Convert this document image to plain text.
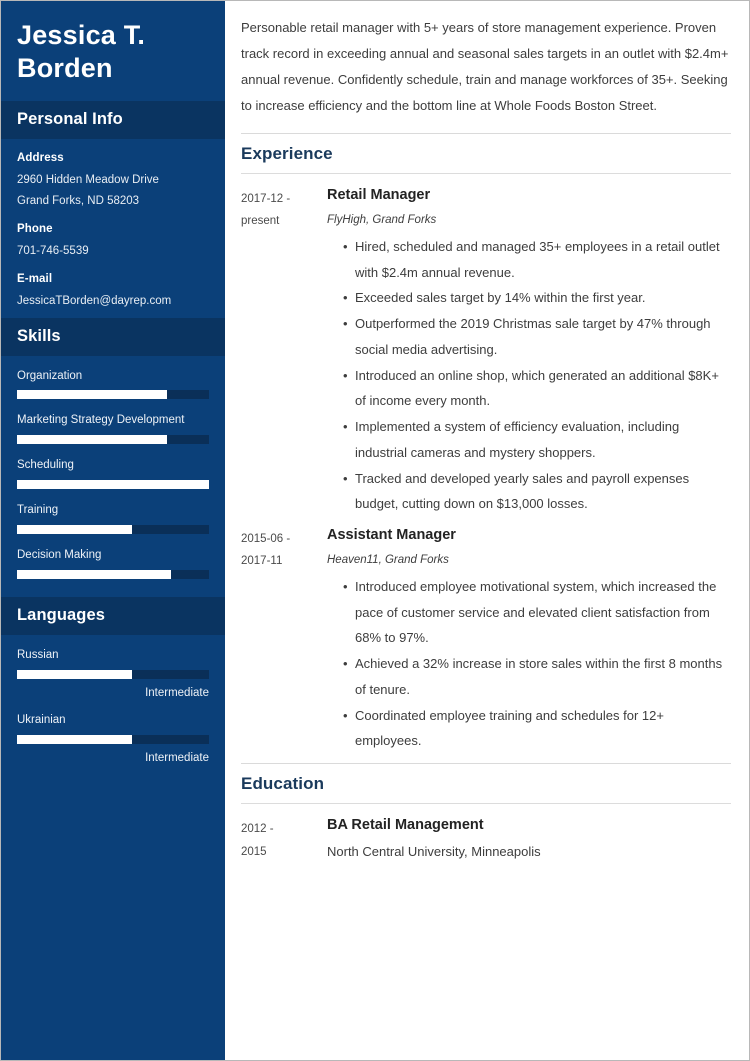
Jessica T.
Borden
Personal Info
Address
2960 Hidden Meadow Drive
Grand Forks, ND 58203
Phone
701-746-5539
E-mail
JessicaTBorden@dayrep.com
Skills
Organization
Marketing Strategy Development
Scheduling
Training
Decision Making
Languages
Russian
Intermediate
Ukrainian
Intermediate

Personable retail manager with 5+ years of store management experience. Proven track record in exceeding annual and seasonal sales targets in an outlet with $2.4m+ annual revenue. Confidently schedule, train and manage workforces of 35+. Seeking to increase efficiency and the bottom line at Whole Foods Boston Street.

Experience
2017-12 -
present
Retail Manager
FlyHigh, Grand Forks
• Hired, scheduled and managed 35+ employees in a retail outlet with $2.4m annual revenue.
• Exceeded sales target by 14% within the first year.
• Outperformed the 2019 Christmas sale target by 47% through social media advertising.
• Introduced an online shop, which generated an additional $8K+ of income every month.
• Implemented a system of efficiency evaluation, including industrial cameras and mystery shoppers.
• Tracked and developed yearly sales and payroll expenses budget, cutting down on $13,000 losses.
2015-06 -
2017-11
Assistant Manager
Heaven11, Grand Forks
• Introduced employee motivational system, which increased the pace of customer service and elevated client satisfaction from 68% to 97%.
• Achieved a 32% increase in store sales within the first 8 months of tenure.
• Coordinated employee training and schedules for 12+ employees.
Education
2012 -
2015
BA Retail Management
North Central University, Minneapolis
